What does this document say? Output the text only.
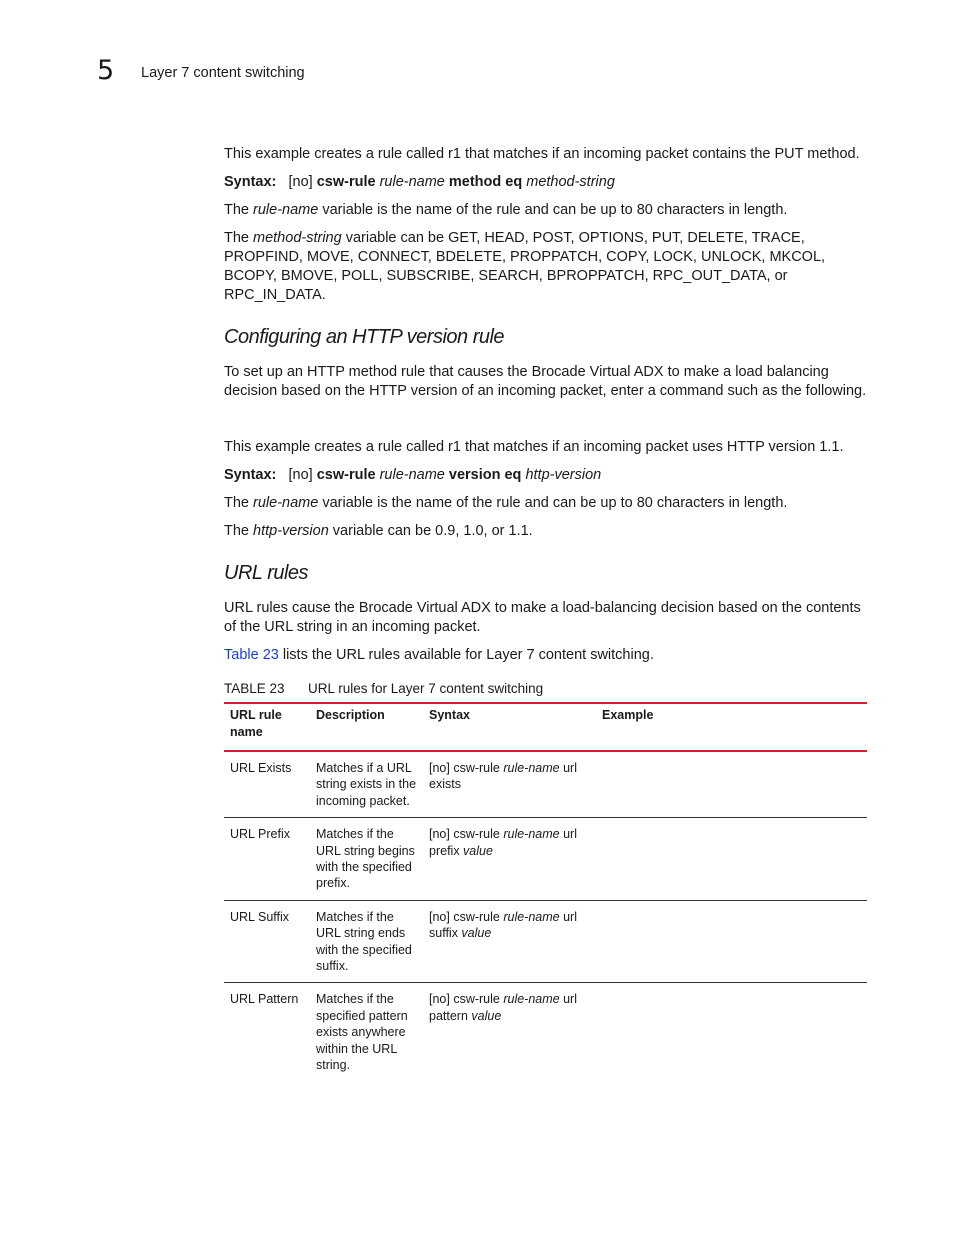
5 Layer 7 content switching

This example creates a rule called r1 that matches if an incoming packet contains the PUT method.

Syntax: [no] csw-rule rule-name method eq method-string

The rule-name variable is the name of the rule and can be up to 80 characters in length.

The method-string variable can be GET, HEAD, POST, OPTIONS, PUT, DELETE, TRACE, PROPFIND, MOVE, CONNECT, BDELETE, PROPPATCH, COPY, LOCK, UNLOCK, MKCOL, BCOPY, BMOVE, POLL, SUBSCRIBE, SEARCH, BPROPPATCH, RPC_OUT_DATA, or RPC_IN_DATA.

Configuring an HTTP version rule

To set up an HTTP method rule that causes the Brocade Virtual ADX to make a load balancing decision based on the HTTP version of an incoming packet, enter a command such as the following.

This example creates a rule called r1 that matches if an incoming packet uses HTTP version 1.1.

Syntax: [no] csw-rule rule-name version eq http-version

The rule-name variable is the name of the rule and can be up to 80 characters in length.

The http-version variable can be 0.9, 1.0, or 1.1.

URL rules

URL rules cause the Brocade Virtual ADX to make a load-balancing decision based on the contents of the URL string in an incoming packet.

Table 23 lists the URL rules available for Layer 7 content switching.

TABLE 23 URL rules for Layer 7 content switching
URL rule name	Description	Syntax	Example
URL Exists	Matches if a URL string exists in the incoming packet.	[no] csw-rule rule-name url exists	
URL Prefix	Matches if the URL string begins with the specified prefix.	[no] csw-rule rule-name url prefix value	
URL Suffix	Matches if the URL string ends with the specified suffix.	[no] csw-rule rule-name url suffix value	
URL Pattern	Matches if the specified pattern exists anywhere within the URL string.	[no] csw-rule rule-name url pattern value	
